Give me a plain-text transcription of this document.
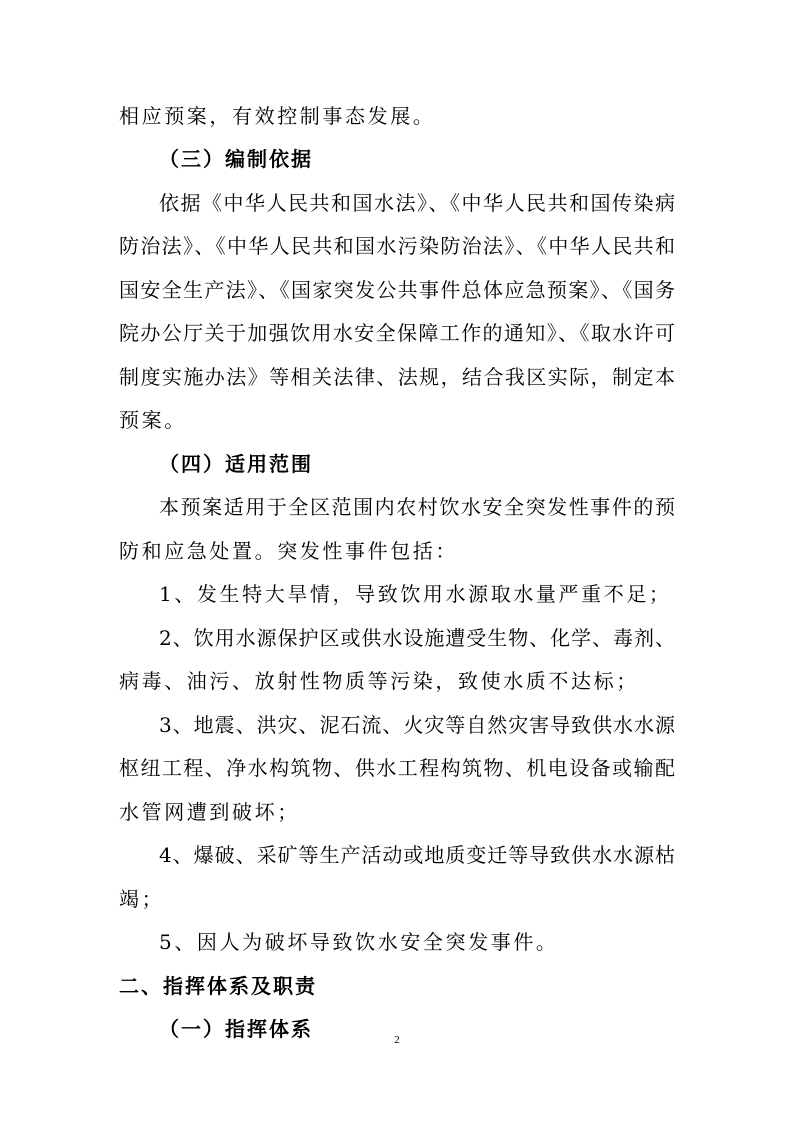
相应预案，有效控制事态发展。
（三）编制依据
依据《中华人民共和国水法》、《中华人民共和国传染病
防治法》、《中华人民共和国水污染防治法》、《中华人民共和
国安全生产法》、《国家突发公共事件总体应急预案》、《国务
院办公厅关于加强饮用水安全保障工作的通知》、《取水许可
制度实施办法》等相关法律、法规，结合我区实际，制定本
预案。
（四）适用范围
本预案适用于全区范围内农村饮水安全突发性事件的预
防和应急处置。突发性事件包括：
1、发生特大旱情，导致饮用水源取水量严重不足；
2、饮用水源保护区或供水设施遭受生物、化学、毒剂、
病毒、油污、放射性物质等污染，致使水质不达标；
3、地震、洪灾、泥石流、火灾等自然灾害导致供水水源
枢纽工程、净水构筑物、供水工程构筑物、机电设备或输配
水管网遭到破坏；
4、爆破、采矿等生产活动或地质变迁等导致供水水源枯
竭；
5、因人为破坏导致饮水安全突发事件。
二、指挥体系及职责
（一）指挥体系	2
